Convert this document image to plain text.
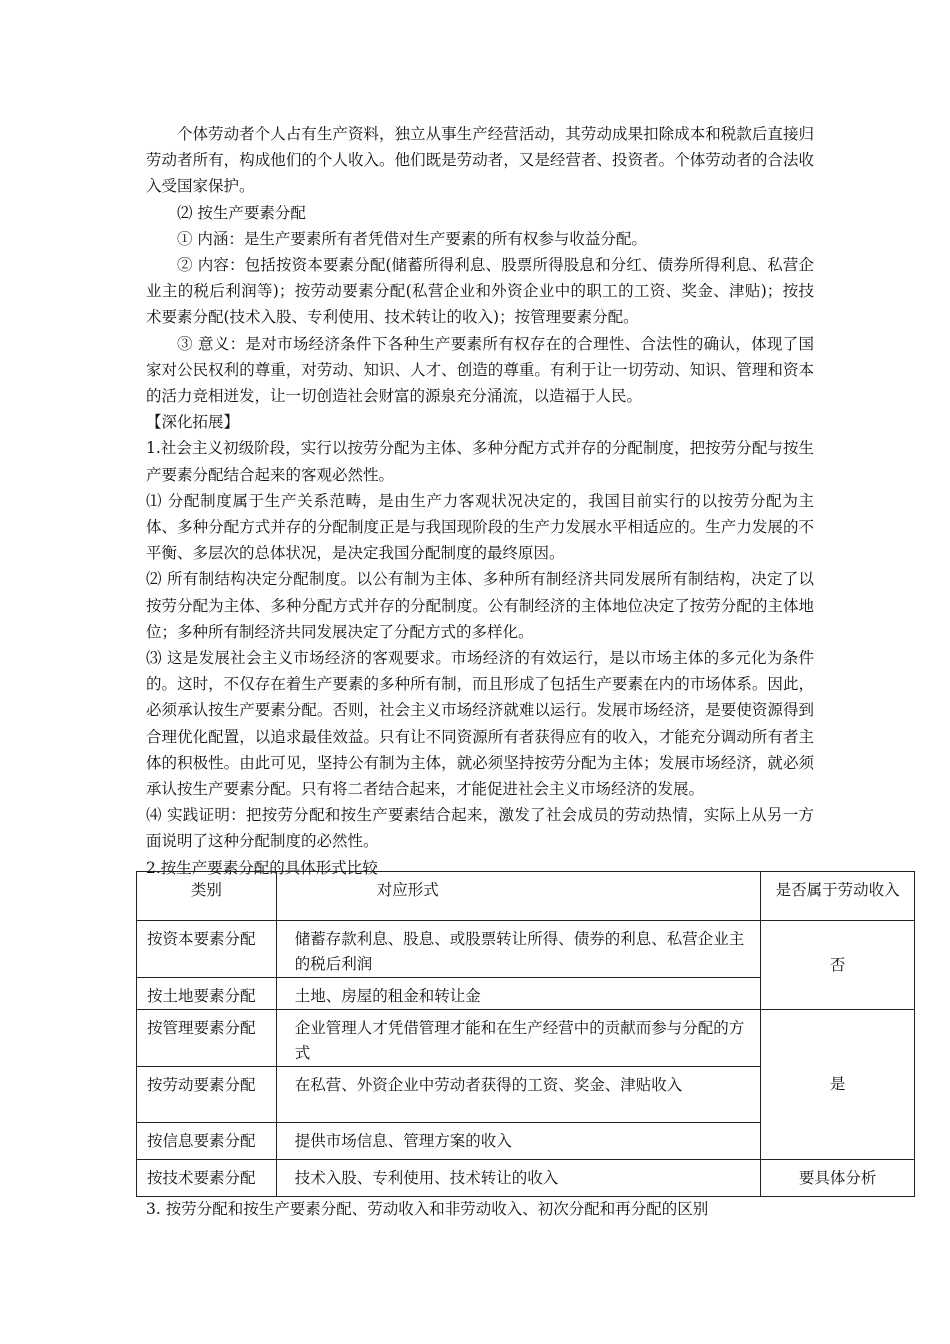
个体劳动者个人占有生产资料，独立从事生产经营活动，其劳动成果扣除成本和税款后直接归劳动者所有，构成他们的个人收入。他们既是劳动者，又是经营者、投资者。个体劳动者的合法收入受国家保护。

⑵ 按生产要素分配

① 内涵：是生产要素所有者凭借对生产要素的所有权参与收益分配。

② 内容：包括按资本要素分配(储蓄所得利息、股票所得股息和分红、债券所得利息、私营企业主的税后利润等)；按劳动要素分配(私营企业和外资企业中的职工的工资、奖金、津贴)；按技术要素分配(技术入股、专利使用、技术转让的收入)；按管理要素分配。

③ 意义：是对市场经济条件下各种生产要素所有权存在的合理性、合法性的确认，体现了国家对公民权利的尊重，对劳动、知识、人才、创造的尊重。有利于让一切劳动、知识、管理和资本的活力竞相迸发，让一切创造社会财富的源泉充分涌流，以造福于人民。

【深化拓展】

1.社会主义初级阶段，实行以按劳分配为主体、多种分配方式并存的分配制度，把按劳分配与按生产要素分配结合起来的客观必然性。

⑴ 分配制度属于生产关系范畴，是由生产力客观状况决定的，我国目前实行的以按劳分配为主体、多种分配方式并存的分配制度正是与我国现阶段的生产力发展水平相适应的。生产力发展的不平衡、多层次的总体状况，是决定我国分配制度的最终原因。

⑵ 所有制结构决定分配制度。以公有制为主体、多种所有制经济共同发展所有制结构，决定了以按劳分配为主体、多种分配方式并存的分配制度。公有制经济的主体地位决定了按劳分配的主体地位；多种所有制经济共同发展决定了分配方式的多样化。

⑶ 这是发展社会主义市场经济的客观要求。市场经济的有效运行，是以市场主体的多元化为条件的。这时，不仅存在着生产要素的多种所有制，而且形成了包括生产要素在内的市场体系。因此，必须承认按生产要素分配。否则，社会主义市场经济就难以运行。发展市场经济，是要使资源得到合理优化配置，以追求最佳效益。只有让不同资源所有者获得应有的收入，才能充分调动所有者主体的积极性。由此可见，坚持公有制为主体，就必须坚持按劳分配为主体；发展市场经济，就必须承认按生产要素分配。只有将二者结合起来，才能促进社会主义市场经济的发展。

⑷ 实践证明：把按劳分配和按生产要素结合起来，激发了社会成员的劳动热情，实际上从另一方面说明了这种分配制度的必然性。

2.按生产要素分配的具体形式比较

类别	对应形式	是否属于劳动收入
按资本要素分配	储蓄存款利息、股息、或股票转让所得、债券的利息、私营企业主的税后利润	否
按土地要素分配	土地、房屋的租金和转让金	
按管理要素分配	企业管理人才凭借管理才能和在生产经营中的贡献而参与分配的方式	是
按劳动要素分配	在私营、外资企业中劳动者获得的工资、奖金、津贴收入	
按信息要素分配	提供市场信息、管理方案的收入	
按技术要素分配	技术入股、专利使用、技术转让的收入	要具体分析
3. 按劳分配和按生产要素分配、劳动收入和非劳动收入、初次分配和再分配的区别
